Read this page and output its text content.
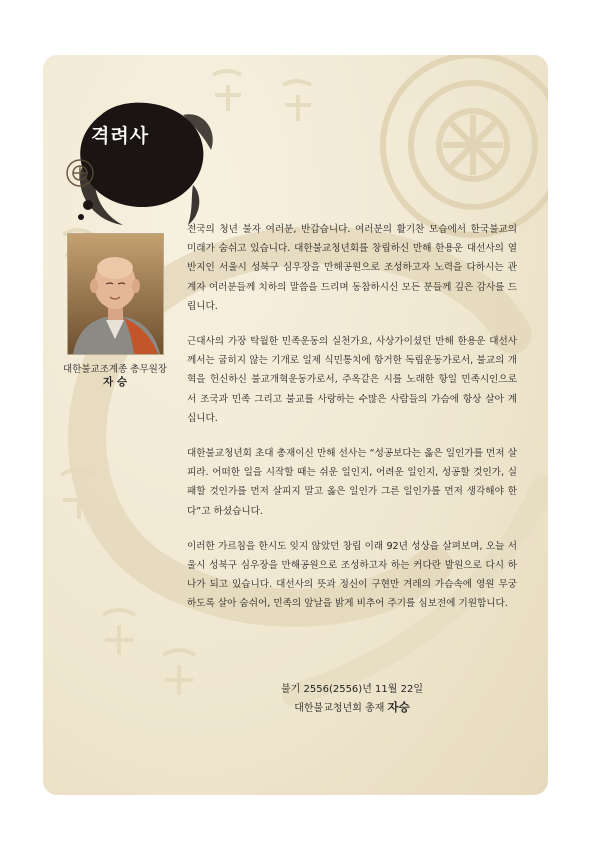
격려사
대한불교조계종 총무원장
자 승

전국의 청년 불자 여러분, 반갑습니다. 여러분의 활기찬 모습에서 한국불교의 미래가 숨쉬고 있습니다. 대한불교청년회를 창립하신 만해 한용운 대선사의 열반지인 서울시 성북구 심우장을 만해공원으로 조성하고자 노력을 다하시는 관계자 여러분들께 치하의 말씀을 드리며 동참하시신 모든 분들께 깊은 감사를 드립니다.

근대사의 가장 탁월한 민족운동의 실천가요, 사상가이셨던 만해 한용운 대선사께서는 굽히지 않는 기개로 일제 식민통치에 항거한 독립운동가로서, 불교의 개혁을 헌신하신 불교개혁운동가로서, 주옥같은 시를 노래한 항일 민족시인으로서 조국과 민족 그리고 불교를 사랑하는 수많은 사람들의 가슴에 항상 살아 계십니다.

대한불교청년회 초대 총재이신 만해 선사는 “성공보다는 옳은 일인가를 먼저 살피라. 어떠한 일을 시작할 때는 쉬운 일인지, 어려운 일인지, 성공할 것인가, 실패할 것인가를 먼저 살피지 말고 옳은 일인가 그른 일인가를 먼저 생각해야 한다”고 하셨습니다.

이러한 가르침을 한시도 잊지 않았던 창립 이래 92년 성상을 살펴보며, 오늘 서울시 성북구 심우장을 만해공원으로 조성하고자 하는 커다란 발원으로 다시 하나가 되고 있습니다. 대선사의 뜻과 정신이 구현만 겨레의 가슴속에 영원 무궁하도록 살아 숨쉬어, 민족의 앞날을 밝게 비추어 주기를 심보전에 기원합니다.

불기 2556(2556)년 11월 22일
대한불교청년회 총재 자승
